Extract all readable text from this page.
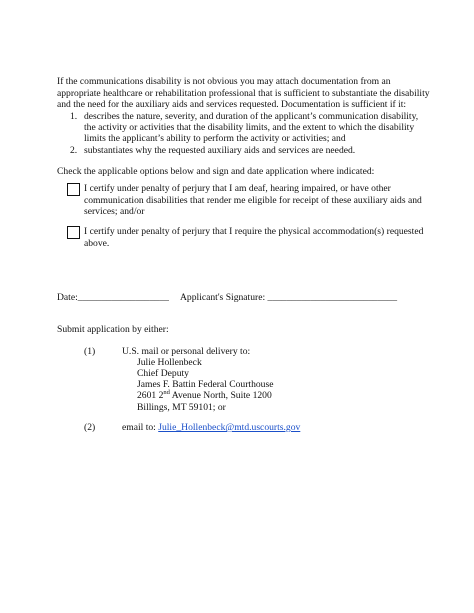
If the communications disability is not obvious you may attach documentation from an
appropriate healthcare or rehabilitation professional that is sufficient to substantiate the disability
and the need for the auxiliary aids and services requested. Documentation is sufficient if it:
1. describes the nature, severity, and duration of the applicant’s communication disability,
the activity or activities that the disability limits, and the extent to which the disability
limits the applicant’s ability to perform the activity or activities; and
2. substantiates why the requested auxiliary aids and services are needed.
Check the applicable options below and sign and date application where indicated:
I certify under penalty of perjury that I am deaf, hearing impaired, or have other
communication disabilities that render me eligible for receipt of these auxiliary aids and
services; and/or
I certify under penalty of perjury that I require the physical accommodation(s) requested
above.
Date:___________________ Applicant's Signature: ___________________________
Submit application by either:
(1)	U.S. mail or personal delivery to:
Julie Hollenbeck
Chief Deputy
James F. Battin Federal Courthouse
2601 2nd Avenue North, Suite 1200
Billings, MT 59101; or
(2)	email to: Julie_Hollenbeck@mtd.uscourts.gov
